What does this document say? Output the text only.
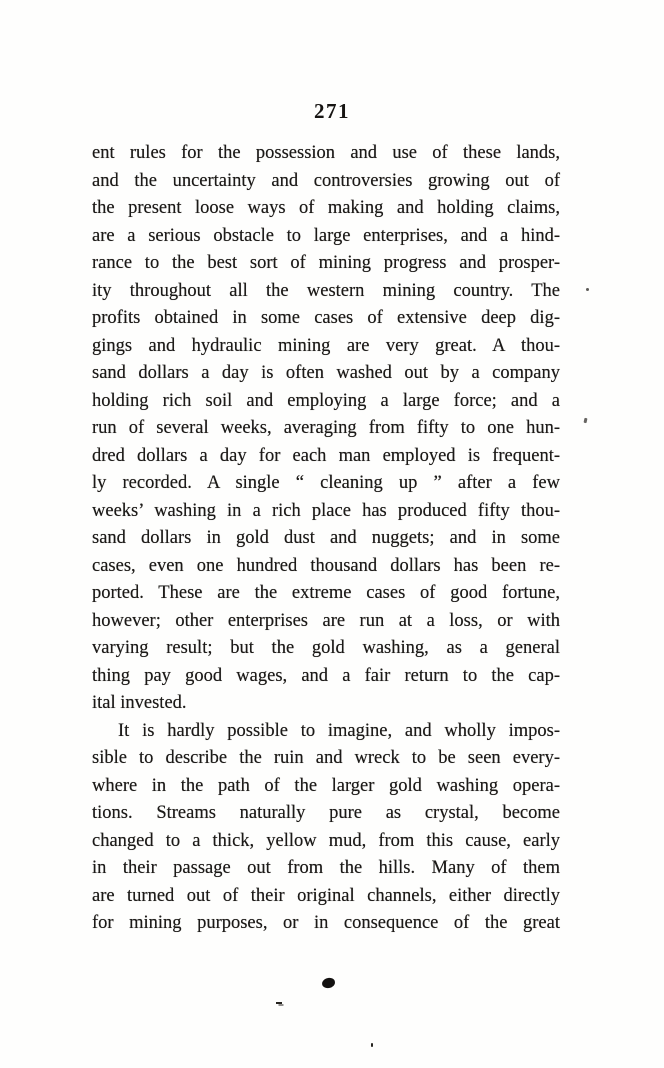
271
ent rules for the possession and use of these lands,
and the uncertainty and controversies growing out of
the present loose ways of making and holding claims,
are a serious obstacle to large enterprises, and a hind-
rance to the best sort of mining progress and prosper-
ity throughout all the western mining country. The
profits obtained in some cases of extensive deep dig-
gings and hydraulic mining are very great. A thou-
sand dollars a day is often washed out by a company
holding rich soil and employing a large force; and a
run of several weeks, averaging from fifty to one hun-
dred dollars a day for each man employed is frequent-
ly recorded. A single “ cleaning up ” after a few
weeks’ washing in a rich place has produced fifty thou-
sand dollars in gold dust and nuggets; and in some
cases, even one hundred thousand dollars has been re-
ported. These are the extreme cases of good fortune,
however; other enterprises are run at a loss, or with
varying result; but the gold washing, as a general
thing pay good wages, and a fair return to the cap-
ital invested.
It is hardly possible to imagine, and wholly impos-
sible to describe the ruin and wreck to be seen every-
where in the path of the larger gold washing opera-
tions. Streams naturally pure as crystal, become
changed to a thick, yellow mud, from this cause, early
in their passage out from the hills. Many of them
are turned out of their original channels, either directly
for mining purposes, or in consequence of the great
